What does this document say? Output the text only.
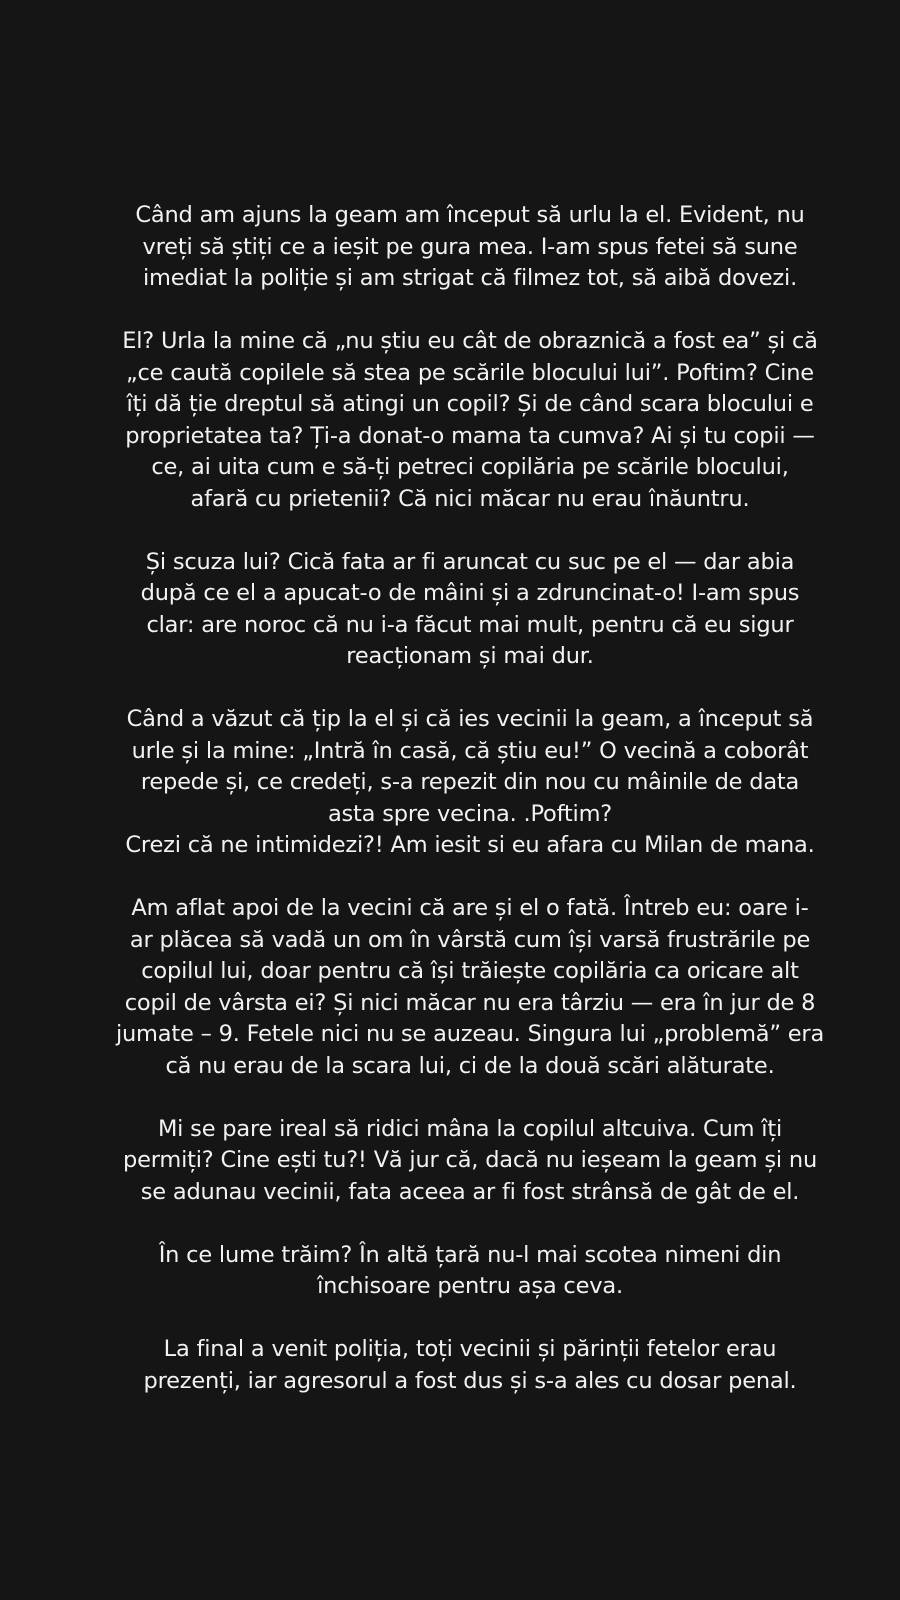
Când am ajuns la geam am început să urlu la el. Evident, nu
vreți să știți ce a ieșit pe gura mea. I-am spus fetei să sune
imediat la poliție și am strigat că filmez tot, să aibă dovezi.

El? Urla la mine că „nu știu eu cât de obraznică a fost ea” și că
„ce caută copilele să stea pe scările blocului lui”. Poftim? Cine
îți dă ție dreptul să atingi un copil? Și de când scara blocului e
proprietatea ta? Ți-a donat-o mama ta cumva? Ai și tu copii —
ce, ai uita cum e să-ți petreci copilăria pe scările blocului,
afară cu prietenii? Că nici măcar nu erau înăuntru.

Și scuza lui? Cică fata ar fi aruncat cu suc pe el — dar abia
după ce el a apucat-o de mâini și a zdruncinat-o! I-am spus
clar: are noroc că nu i-a făcut mai mult, pentru că eu sigur
reacționam și mai dur.

Când a văzut că țip la el și că ies vecinii la geam, a început să
urle și la mine: „Intră în casă, că știu eu!” O vecină a coborât
repede și, ce credeți, s-a repezit din nou cu mâinile de data
asta spre vecina. .Poftim?
Crezi că ne intimidezi?! Am iesit si eu afara cu Milan de mana.

Am aflat apoi de la vecini că are și el o fată. Întreb eu: oare i-
ar plăcea să vadă un om în vârstă cum își varsă frustrările pe
copilul lui, doar pentru că își trăiește copilăria ca oricare alt
copil de vârsta ei? Și nici măcar nu era târziu — era în jur de 8
jumate – 9. Fetele nici nu se auzeau. Singura lui „problemă” era
că nu erau de la scara lui, ci de la două scări alăturate.

Mi se pare ireal să ridici mâna la copilul altcuiva. Cum îți
permiți? Cine ești tu?! Vă jur că, dacă nu ieșeam la geam și nu
se adunau vecinii, fata aceea ar fi fost strânsă de gât de el.

În ce lume trăim? În altă țară nu-l mai scotea nimeni din
închisoare pentru așa ceva.

La final a venit poliția, toți vecinii și părinții fetelor erau
prezenți, iar agresorul a fost dus și s-a ales cu dosar penal.
